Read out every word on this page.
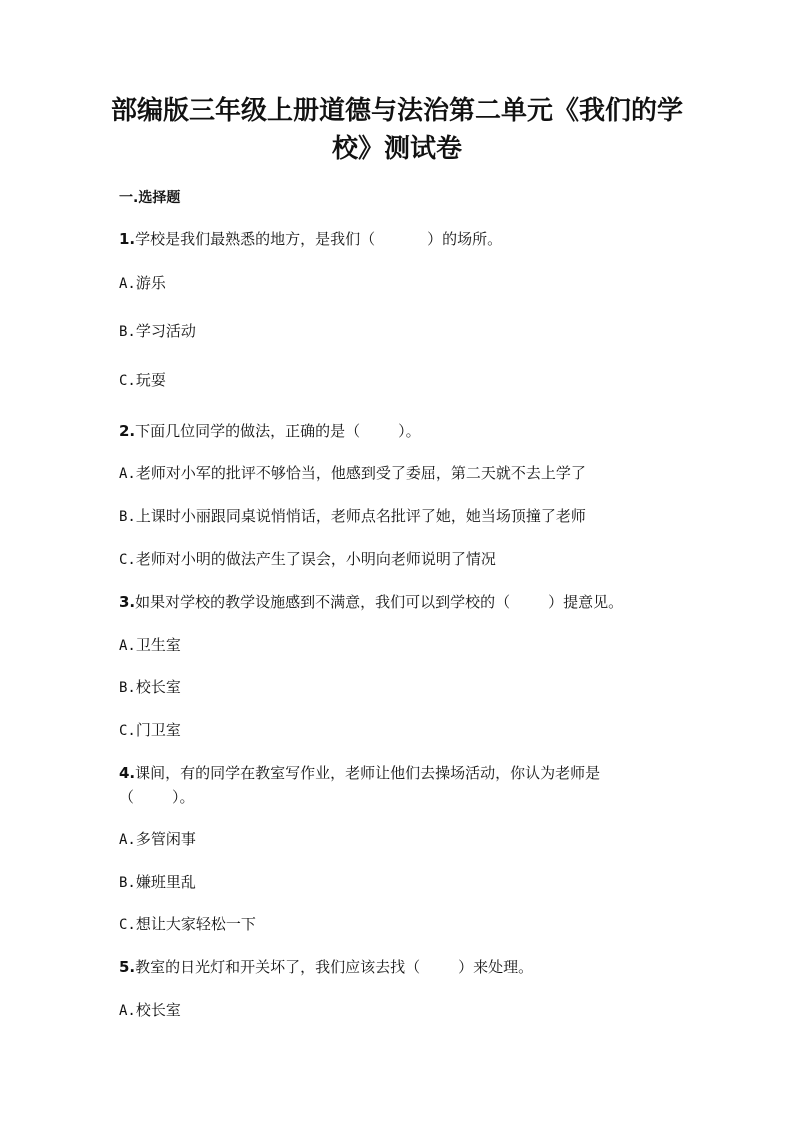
部编版三年级上册道德与法治第二单元《我们的学
校》测试卷
一.选择题
1.学校是我们最熟悉的地方，是我们（	）的场所。
A.游乐
B.学习活动
C.玩耍
2.下面几位同学的做法，正确的是（	）。
A.老师对小军的批评不够恰当，他感到受了委屈，第二天就不去上学了
B.上课时小丽跟同桌说悄悄话，老师点名批评了她，她当场顶撞了老师
C.老师对小明的做法产生了误会，小明向老师说明了情况
3.如果对学校的教学设施感到不满意，我们可以到学校的（	）提意见。
A.卫生室
B.校长室
C.门卫室
4.课间，有的同学在教室写作业，老师让他们去操场活动，你认为老师是
（	）。
A.多管闲事
B.嫌班里乱
C.想让大家轻松一下
5.教室的日光灯和开关坏了，我们应该去找（	）来处理。
A.校长室
